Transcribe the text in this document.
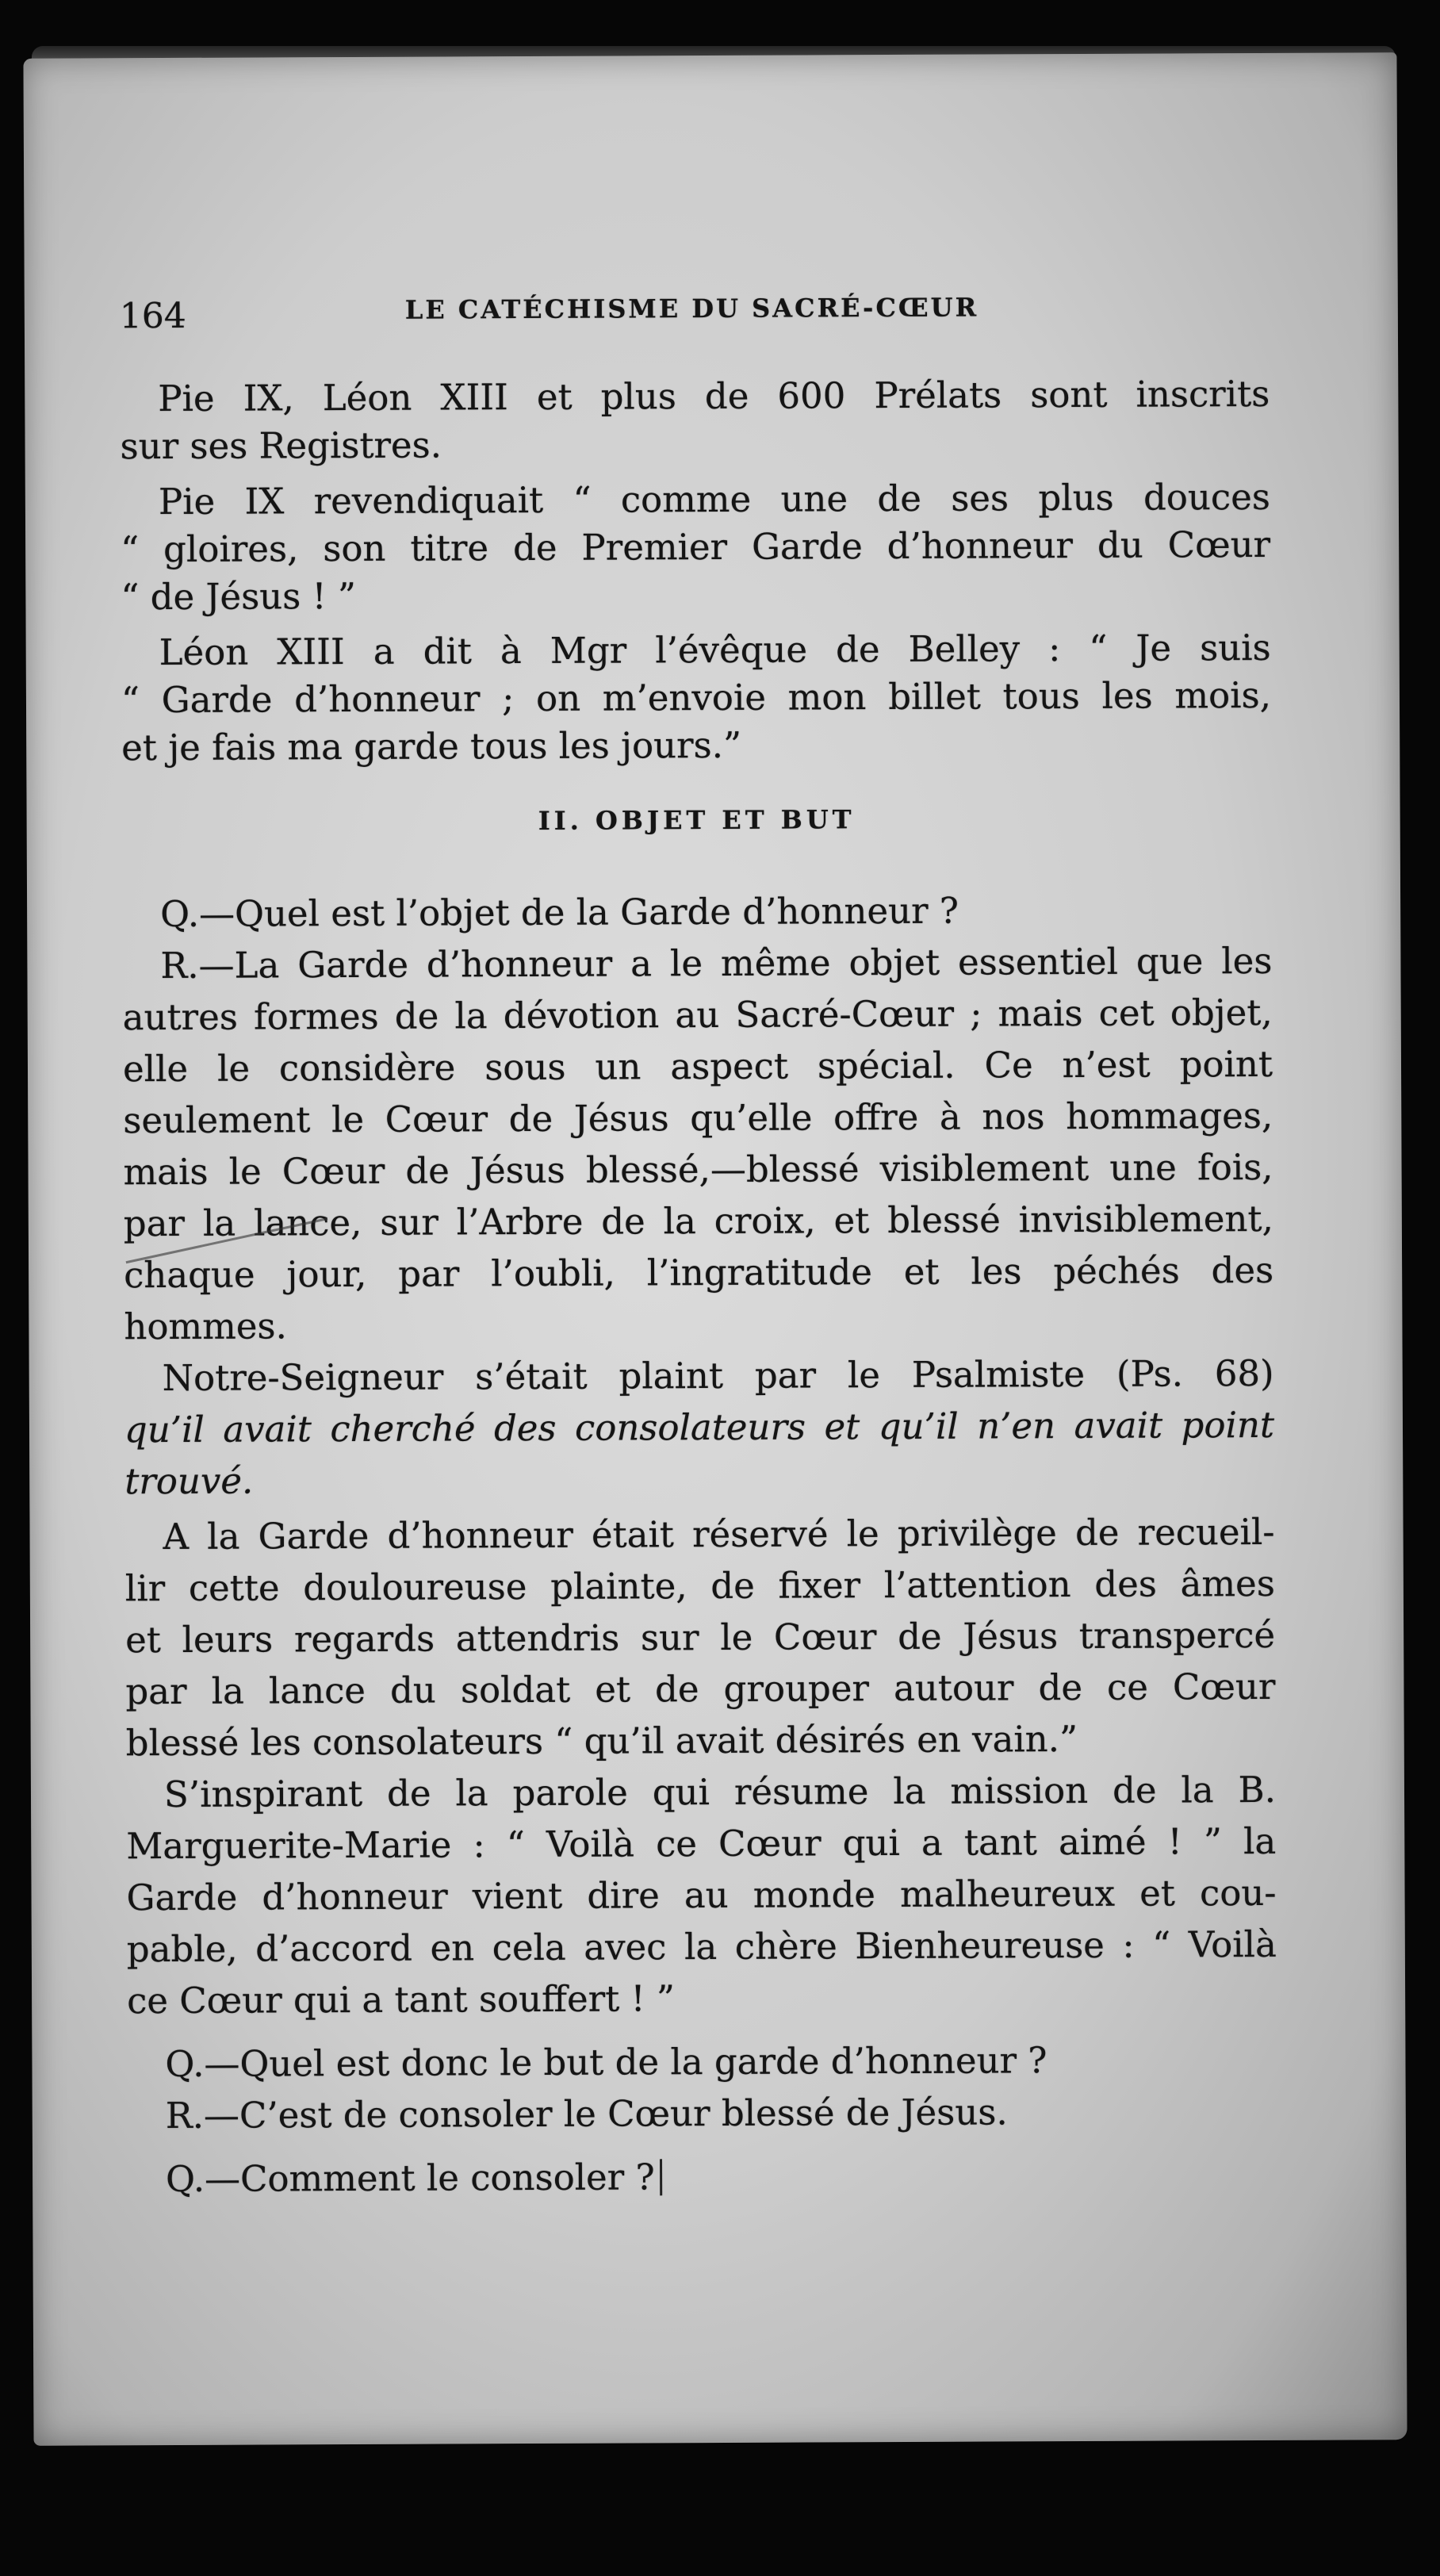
164	LE CATÉCHISME DU SACRÉ-CŒUR
Pie IX, Léon XIII et plus de 600 Prélats sont inscrits
sur ses Registres.
Pie IX revendiquait “ comme une de ses plus douces
“ gloires, son titre de Premier Garde d’honneur du Cœur
“ de Jésus ! ”
Léon XIII a dit à Mgr l’évêque de Belley : “ Je suis
“ Garde d’honneur ; on m’envoie mon billet tous les mois,
et je fais ma garde tous les jours.”
II. OBJET ET BUT
Q.—Quel est l’objet de la Garde d’honneur ?
R.—La Garde d’honneur a le même objet essentiel que les
autres formes de la dévotion au Sacré-Cœur ; mais cet objet,
elle le considère sous un aspect spécial. Ce n’est point
seulement le Cœur de Jésus qu’elle offre à nos hommages,
mais le Cœur de Jésus blessé,—blessé visiblement une fois,
par la lance, sur l’Arbre de la croix, et blessé invisiblement,
chaque jour, par l’oubli, l’ingratitude et les péchés des
hommes.
Notre-Seigneur s’était plaint par le Psalmiste (Ps. 68)
qu’il avait cherché des consolateurs et qu’il n’en avait point
trouvé.
A la Garde d’honneur était réservé le privilège de recueil-
lir cette douloureuse plainte, de fixer l’attention des âmes
et leurs regards attendris sur le Cœur de Jésus transpercé
par la lance du soldat et de grouper autour de ce Cœur
blessé les consolateurs “ qu’il avait désirés en vain.”
S’inspirant de la parole qui résume la mission de la B.
Marguerite-Marie : “ Voilà ce Cœur qui a tant aimé ! ” la
Garde d’honneur vient dire au monde malheureux et cou-
pable, d’accord en cela avec la chère Bienheureuse : “ Voilà
ce Cœur qui a tant souffert ! ”
Q.—Quel est donc le but de la garde d’honneur ?
R.—C’est de consoler le Cœur blessé de Jésus.
Q.—Comment le consoler ?
